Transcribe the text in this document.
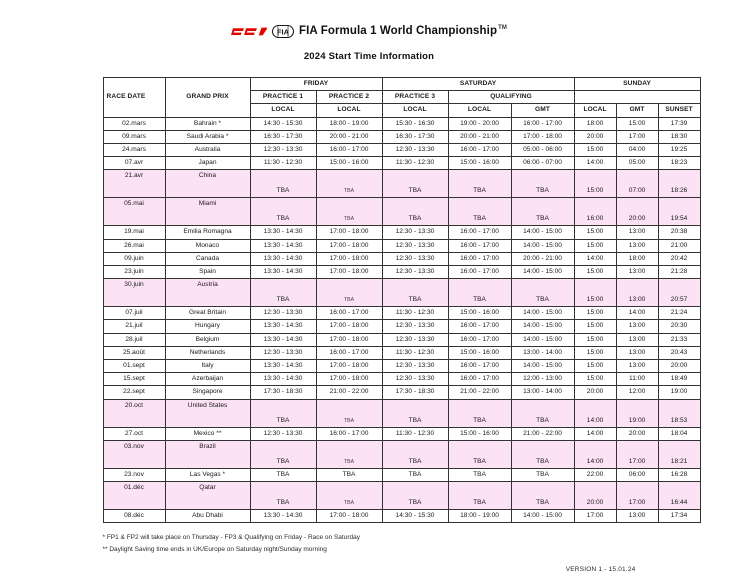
FIA FIA Formula 1 World Championship™
2024 Start Time Information
RACE DATE	GRAND PRIX	FRIDAY		SATURDAY			SUNDAY		
		PRACTICE 1	PRACTICE 2	PRACTICE 3	QUALIFYING				
		LOCAL	LOCAL	LOCAL	LOCAL	GMT	LOCAL	GMT	SUNSET
02.mars	Bahrain *	14:30 - 15:30	18:00 - 19:00	15:30 - 16:30	19:00 - 20:00	16:00 - 17:00	18:00	15:00	17:39
09.mars	Saudi Arabia *	16:30 - 17:30	20:00 - 21:00	16:30 - 17:30	20:00 - 21:00	17:00 - 18:00	20:00	17:00	18:30
24.mars	Australia	12:30 - 13:30	16:00 - 17:00	12:30 - 13:30	16:00 - 17:00	05:00 - 06:00	15:00	04:00	19:25
07.avr	Japan	11:30 - 12:30	15:00 - 16:00	11:30 - 12:30	15:00 - 16:00	06:00 - 07:00	14:00	05:00	18:23
21.avr	China	TBA	TBA	TBA	TBA	TBA	15:00	07:00	18:26
05.mai	Miami	TBA	TBA	TBA	TBA	TBA	16:00	20:00	19:54
19.mai	Emilia Romagna	13:30 - 14:30	17:00 - 18:00	12:30 - 13:30	16:00 - 17:00	14:00 - 15:00	15:00	13:00	20:38
26.mai	Monaco	13:30 - 14:30	17:00 - 18:00	12:30 - 13:30	16:00 - 17:00	14:00 - 15:00	15:00	13:00	21:00
09.juin	Canada	13:30 - 14:30	17:00 - 18:00	12:30 - 13:30	16:00 - 17:00	20:00 - 21:00	14:00	18:00	20:42
23.juin	Spain	13:30 - 14:30	17:00 - 18:00	12:30 - 13:30	16:00 - 17:00	14:00 - 15:00	15:00	13:00	21:28
30.juin	Austria	TBA	TBA	TBA	TBA	TBA	15:00	13:00	20:57
07.juil	Great Britain	12:30 - 13:30	16:00 - 17:00	11:30 - 12:30	15:00 - 16:00	14:00 - 15:00	15:00	14:00	21:24
21.juil	Hungary	13:30 - 14:30	17:00 - 18:00	12:30 - 13:30	16:00 - 17:00	14:00 - 15:00	15:00	13:00	20:30
28.juil	Belgium	13:30 - 14:30	17:00 - 18:00	12:30 - 13:30	16:00 - 17:00	14:00 - 15:00	15:00	13:00	21:33
25.août	Netherlands	12:30 - 13:30	16:00 - 17:00	11:30 - 12:30	15:00 - 16:00	13:00 - 14:00	15:00	13:00	20:43
01.sept	Italy	13:30 - 14:30	17:00 - 18:00	12:30 - 13:30	16:00 - 17:00	14:00 - 15:00	15:00	13:00	20:00
15.sept	Azerbaijan	13:30 - 14:30	17:00 - 18:00	12:30 - 13:30	16:00 - 17:00	12:00 - 13:00	15:00	11:00	18:49
22.sept	Singapore	17:30 - 18:30	21:00 - 22:00	17:30 - 18:30	21:00 - 22:00	13:00 - 14:00	20:00	12:00	19:00
20.oct	United States	TBA	TBA	TBA	TBA	TBA	14:00	19:00	18:53
27.oct	Mexico **	12:30 - 13:30	16:00 - 17:00	11:30 - 12:30	15:00 - 16:00	21:00 - 22:00	14:00	20:00	18:04
03.nov	Brazil	TBA	TBA	TBA	TBA	TBA	14:00	17:00	18:21
23.nov	Las Vegas *	TBA	TBA	TBA	TBA	TBA	22:00	06:00	16:28
01.déc	Qatar	TBA	TBA	TBA	TBA	TBA	20:00	17:00	16:44
08.déc	Abu Dhabi	13:30 - 14:30	17:00 - 18:00	14:30 - 15:30	18:00 - 19:00	14:00 - 15:00	17:00	13:00	17:34
* FP1 & FP2 will take place on Thursday - FP3 & Qualifying on Friday - Race on Saturday
** Daylight Saving time ends in UK/Europe on Saturday night/Sunday morning
VERSION 1 - 15.01.24
